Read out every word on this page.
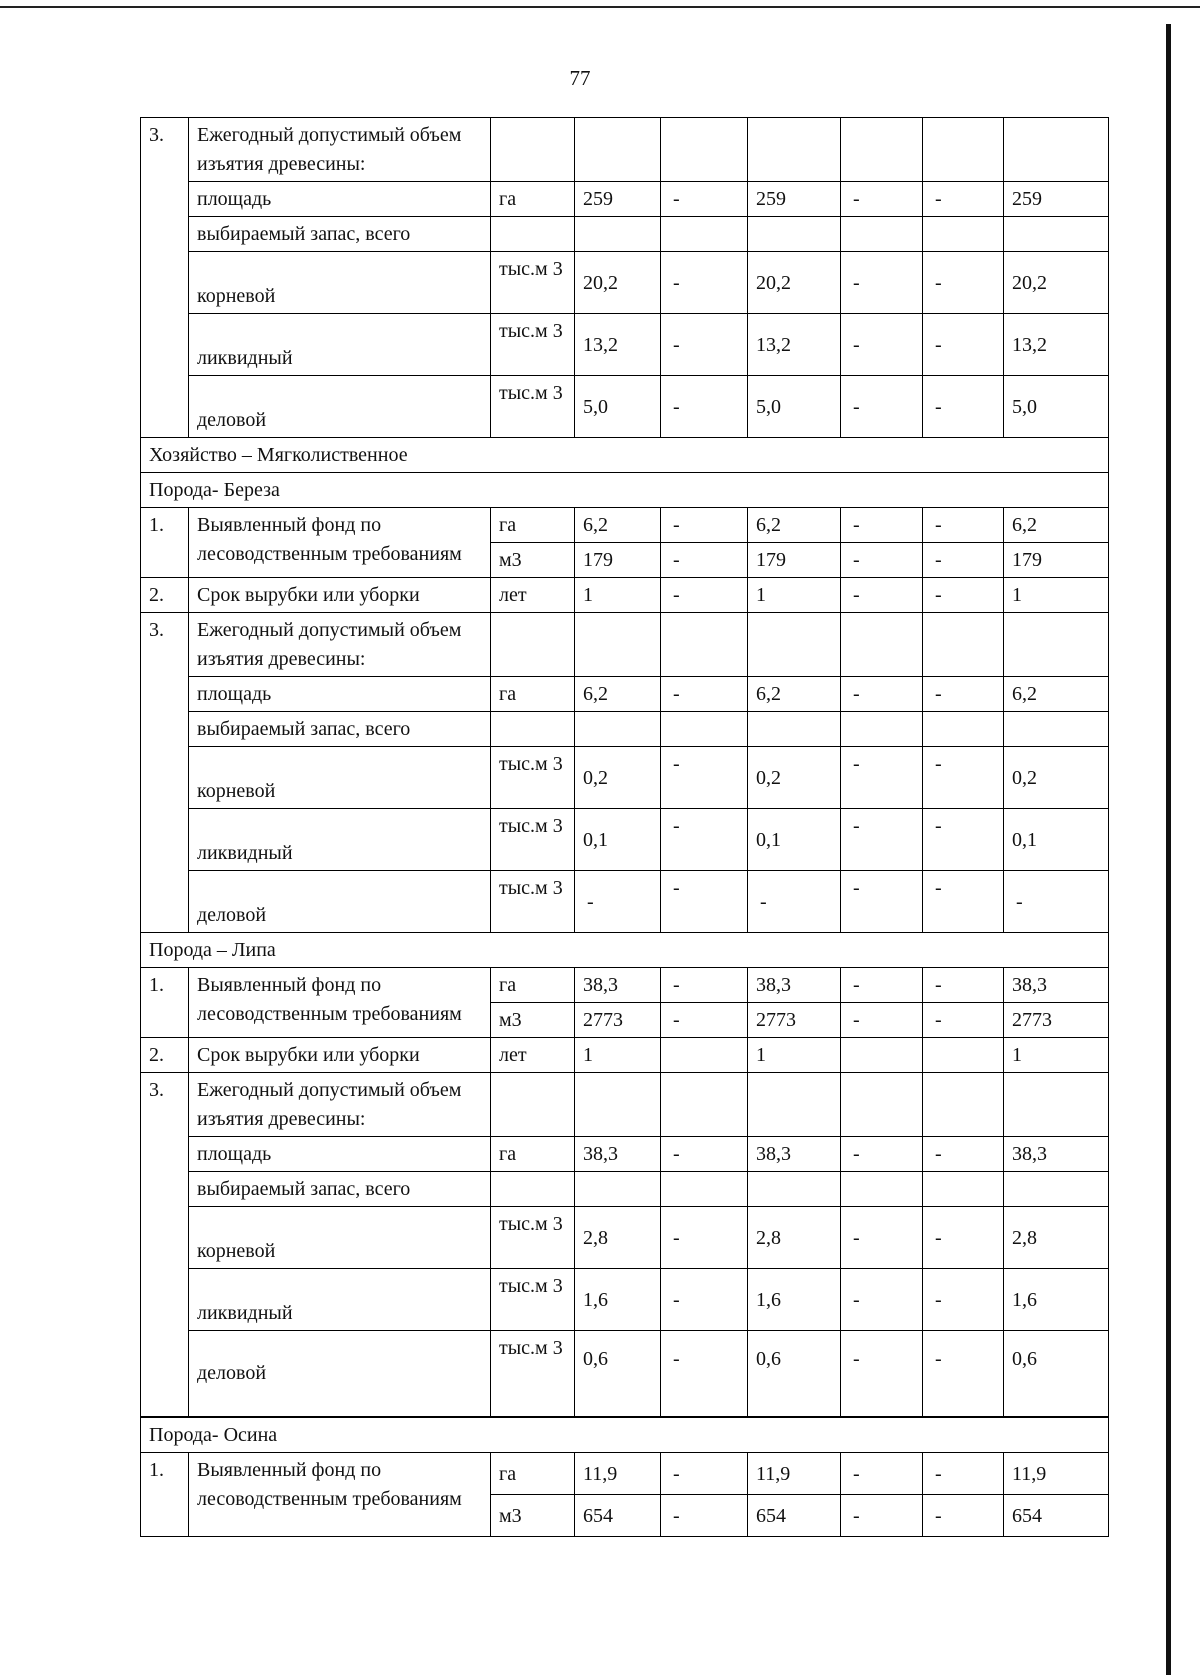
77
3.	Ежегодный допустимый объем изъятия древесины:							
	площадь	га	259	-	259	-	-	259
	выбираемый запас, всего							
	корневой	тыс.м 3	20,2	-	20,2	-	-	20,2
	ликвидный	тыс.м 3	13,2	-	13,2	-	-	13,2
	деловой	тыс.м 3	5,0	-	5,0	-	-	5,0
Хозяйство – Мягколиственное								
Порода- Береза								
1.	Выявленный фонд по лесоводственным требованиям	га	6,2	-	6,2	-	-	6,2
		м3	179	-	179	-	-	179
2.	Срок вырубки или уборки	лет	1	-	1	-	-	1
3.	Ежегодный допустимый объем изъятия древесины:							
	площадь	га	6,2	-	6,2	-	-	6,2
	выбираемый запас, всего							
	корневой	тыс.м 3	0,2	-	0,2	-	-	0,2
	ликвидный	тыс.м 3	0,1	-	0,1	-	-	0,1
	деловой	тыс.м 3	-	-	-	-	-	-
Порода – Липа								
1.	Выявленный фонд по лесоводственным требованиям	га	38,3	-	38,3	-	-	38,3
		м3	2773	-	2773	-	-	2773
2.	Срок вырубки или уборки	лет	1		1			1
3.	Ежегодный допустимый объем изъятия древесины:							
	площадь	га	38,3	-	38,3	-	-	38,3
	выбираемый запас, всего							
	корневой	тыс.м 3	2,8	-	2,8	-	-	2,8
	ликвидный	тыс.м 3	1,6	-	1,6	-	-	1,6
	деловой	тыс.м 3	0,6	-	0,6	-	-	0,6
Порода- Осина								
1.	Выявленный фонд по лесоводственным требованиям	га	11,9	-	11,9	-	-	11,9
		м3	654	-	654	-	-	654
